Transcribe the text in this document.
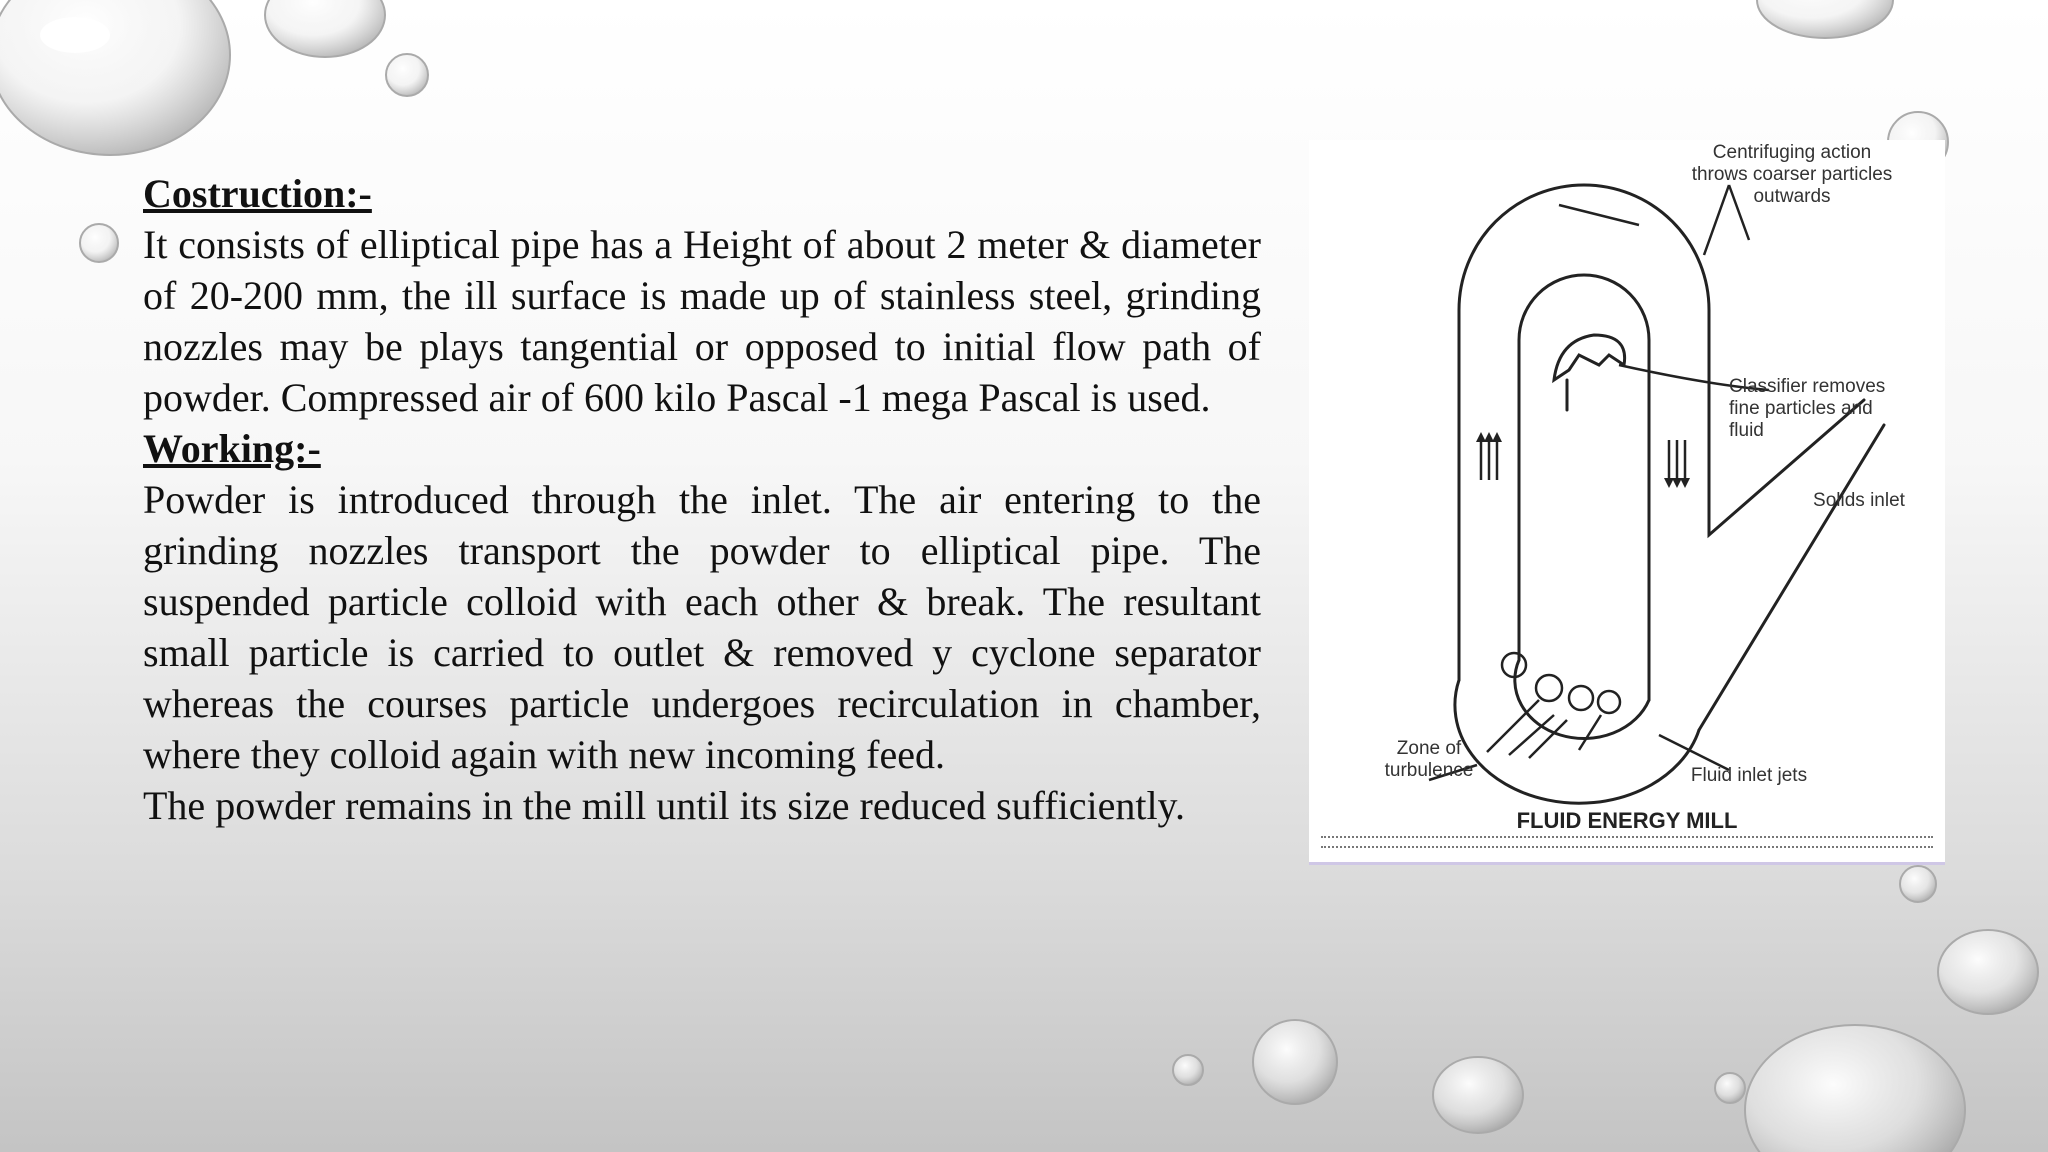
Costruction:-
It consists of elliptical pipe has a Height of about 2 meter & diameter of 20-200 mm, the ill surface is made up of stainless steel, grinding nozzles may be plays tangential or opposed to initial flow path of powder. Compressed air of 600 kilo Pascal -1 mega Pascal is used.
Working:-
Powder is introduced through the inlet. The air entering to the grinding nozzles transport the powder to elliptical pipe. The suspended particle colloid with each other & break. The resultant small particle is carried to outlet & removed y cyclone separator whereas the courses particle undergoes recirculation in chamber, where they colloid again with new incoming feed.
The powder remains in the mill until its size reduced sufficiently.
Centrifuging action throws coarser particles outwards
Classifier removes fine particles and fluid
Solids inlet
Zone of turbulence	Fluid inlet jets
FLUID ENERGY MILL
